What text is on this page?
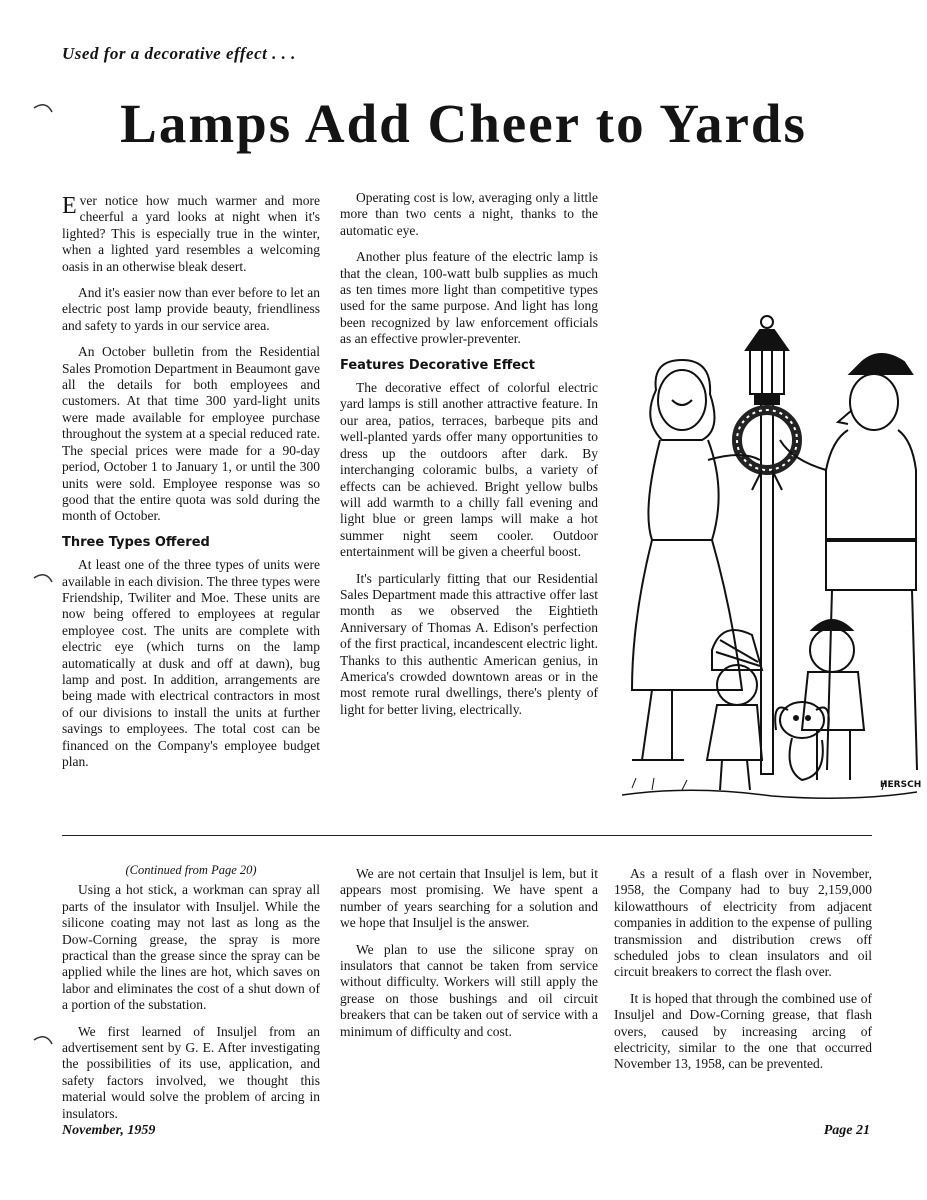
Used for a decorative effect . . .
Lamps Add Cheer to Yards

Ever notice how much warmer and more cheerful a yard looks at night when it's lighted? This is especially true in the winter, when a lighted yard resembles a welcoming oasis in an otherwise bleak desert.

And it's easier now than ever before to let an electric post lamp provide beauty, friendliness and safety to yards in our service area.

An October bulletin from the Residential Sales Promotion Department in Beaumont gave all the details for both employees and customers. At that time 300 yard-light units were made available for employee purchase throughout the system at a special reduced rate. The special prices were made for a 90-day period, October 1 to January 1, or until the 300 units were sold. Employee response was so good that the entire quota was sold during the month of October.

Three Types Offered

At least one of the three types of units were available in each division. The three types were Friendship, Twiliter and Moe. These units are now being offered to employees at regular employee cost. The units are complete with electric eye (which turns on the lamp automatically at dusk and off at dawn), bug lamp and post. In addition, arrangements are being made with electrical contractors in most of our divisions to install the units at further savings to employees. The total cost can be financed on the Company's employee budget plan.

Operating cost is low, averaging only a little more than two cents a night, thanks to the automatic eye.

Another plus feature of the electric lamp is that the clean, 100-watt bulb supplies as much as ten times more light than competitive types used for the same purpose. And light has long been recognized by law enforcement officials as an effective prowler-preventer.

Features Decorative Effect

The decorative effect of colorful electric yard lamps is still another attractive feature. In our area, patios, terraces, barbeque pits and well-planted yards offer many opportunities to dress up the outdoors after dark. By interchanging coloramic bulbs, a variety of effects can be achieved. Bright yellow bulbs will add warmth to a chilly fall evening and light blue or green lamps will make a hot summer night seem cooler. Outdoor entertainment will be given a cheerful boost.

It's particularly fitting that our Residential Sales Department made this attractive offer last month as we observed the Eightieth Anniversary of Thomas A. Edison's perfection of the first practical, incandescent electric light. Thanks to this authentic American genius, in America's crowded downtown areas or in the most remote rural dwellings, there's plenty of light for better living, electrically.

HERSCH
(Continued from Page 20)

Using a hot stick, a workman can spray all parts of the insulator with Insuljel. While the silicone coating may not last as long as the Dow-Corning grease, the spray is more practical than the grease since the spray can be applied while the lines are hot, which saves on labor and eliminates the cost of a shut down of a portion of the substation.

We first learned of Insuljel from an advertisement sent by G. E. After investigating the possibilities of its use, application, and safety factors involved, we thought this material would solve the problem of arcing in insulators.

We are not certain that Insuljel is lem, but it appears most promising. We have spent a number of years searching for a solution and we hope that Insuljel is the answer.

We plan to use the silicone spray on insulators that cannot be taken from service without difficulty. Workers will still apply the grease on those bushings and oil circuit breakers that can be taken out of service with a minimum of difficulty and cost.

As a result of a flash over in November, 1958, the Company had to buy 2,159,000 kilowatthours of electricity from adjacent companies in addition to the expense of pulling transmission and distribution crews off scheduled jobs to clean insulators and oil circuit breakers to correct the flash over.

It is hoped that through the combined use of Insuljel and Dow-Corning grease, that flash overs, caused by increasing arcing of electricity, similar to the one that occurred November 13, 1958, can be prevented.

November, 1959	Page 21
